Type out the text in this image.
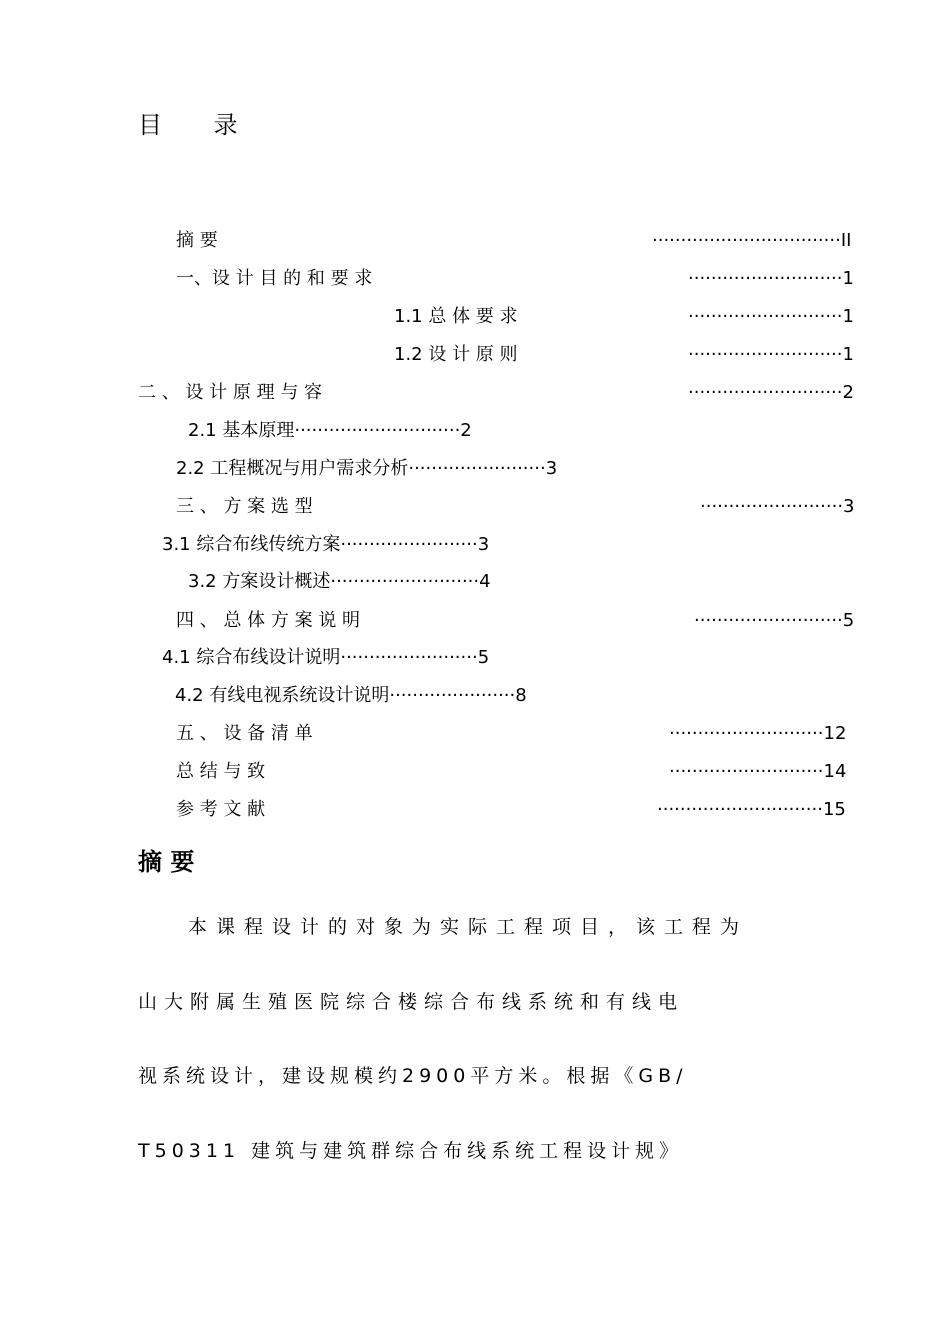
目 录
摘 要	·································II
一、设 计 目 的 和 要 求	···························1
1.1 总 体 要 求	···························1
1.2 设 计 原 则	···························1
二 、 设 计 原 理 与 容	···························2
2.1 基本原理·····························2
2.2 工程概况与用户需求分析························3
三 、 方 案 选 型	·························3
3.1 综合布线传统方案························3
3.2 方案设计概述··························4
四 、 总 体 方 案 说 明	··························5
4.1 综合布线设计说明························5
4.2 有线电视系统设计说明······················8
五 、 设 备 清 单	···························12
总 结 与 致	···························14
参 考 文 献	·····························15
摘 要
本课程设计的对象为实际工程项目，该工程为
山大附属生殖医院综合楼综合布线系统和有线电
视系统设计，建设规模约2900平方米。根据《GB/
T50311 建筑与建筑群综合布线系统工程设计规》
